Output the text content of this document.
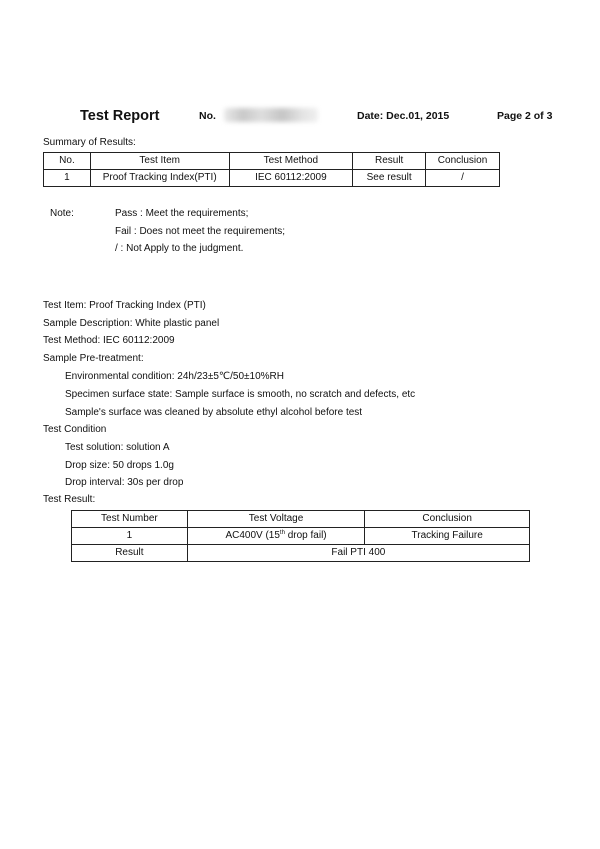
Test Report	No.	Date: Dec.01, 2015	Page 2 of 3
Summary of Results:
No.	Test Item	Test Method	Result	Conclusion
1	Proof Tracking Index(PTI)	IEC 60112:2009	See result	/
Note:	Pass : Meet the requirements;
Fail : Does not meet the requirements;
/ : Not Apply to the judgment.
Test Item: Proof Tracking Index (PTI)
Sample Description: White plastic panel
Test Method: IEC 60112:2009
Sample Pre-treatment:
Environmental condition: 24h/23±5℃/50±10%RH
Specimen surface state: Sample surface is smooth, no scratch and defects, etc
Sample's surface was cleaned by absolute ethyl alcohol before test
Test Condition
Test solution: solution A
Drop size: 50 drops 1.0g
Drop interval: 30s per drop
Test Result:
Test Number	Test Voltage	Conclusion
1	AC400V (15th drop fail)	Tracking Failure
Result	Fail PTI 400	
